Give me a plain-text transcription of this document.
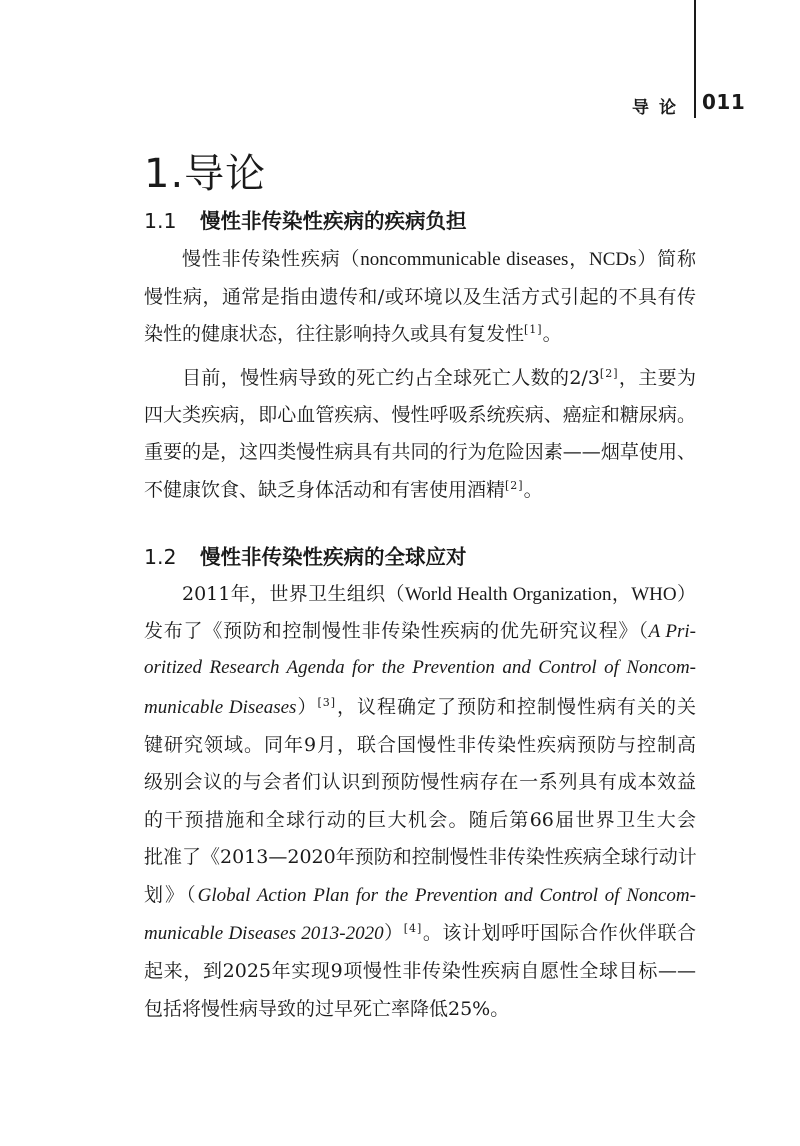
导论 011
1.导论
1.1 慢性非传染性疾病的疾病负担
慢性非传染性疾病（noncommunicable diseases，NCDs）简称
慢性病，通常是指由遗传和/或环境以及生活方式引起的不具有传
染性的健康状态，往往影响持久或具有复发性[1]。
目前，慢性病导致的死亡约占全球死亡人数的2/3[2]，主要为
四大类疾病，即心血管疾病、慢性呼吸系统疾病、癌症和糖尿病。
重要的是，这四类慢性病具有共同的行为危险因素——烟草使用、
不健康饮食、缺乏身体活动和有害使用酒精[2]。
1.2 慢性非传染性疾病的全球应对
2011年，世界卫生组织（World Health Organization，WHO）
发布了《预防和控制慢性非传染性疾病的优先研究议程》（A Pri-
oritized Research Agenda for the Prevention and Control of Noncom-
municable Diseases）[3]，议程确定了预防和控制慢性病有关的关
键研究领域。同年9月，联合国慢性非传染性疾病预防与控制高
级别会议的与会者们认识到预防慢性病存在一系列具有成本效益
的干预措施和全球行动的巨大机会。随后第66届世界卫生大会
批准了《2013—2020年预防和控制慢性非传染性疾病全球行动计
划》（Global Action Plan for the Prevention and Control of Noncom-
municable Diseases 2013-2020）[4]。该计划呼吁国际合作伙伴联合
起来，到2025年实现9项慢性非传染性疾病自愿性全球目标——
包括将慢性病导致的过早死亡率降低25%。
